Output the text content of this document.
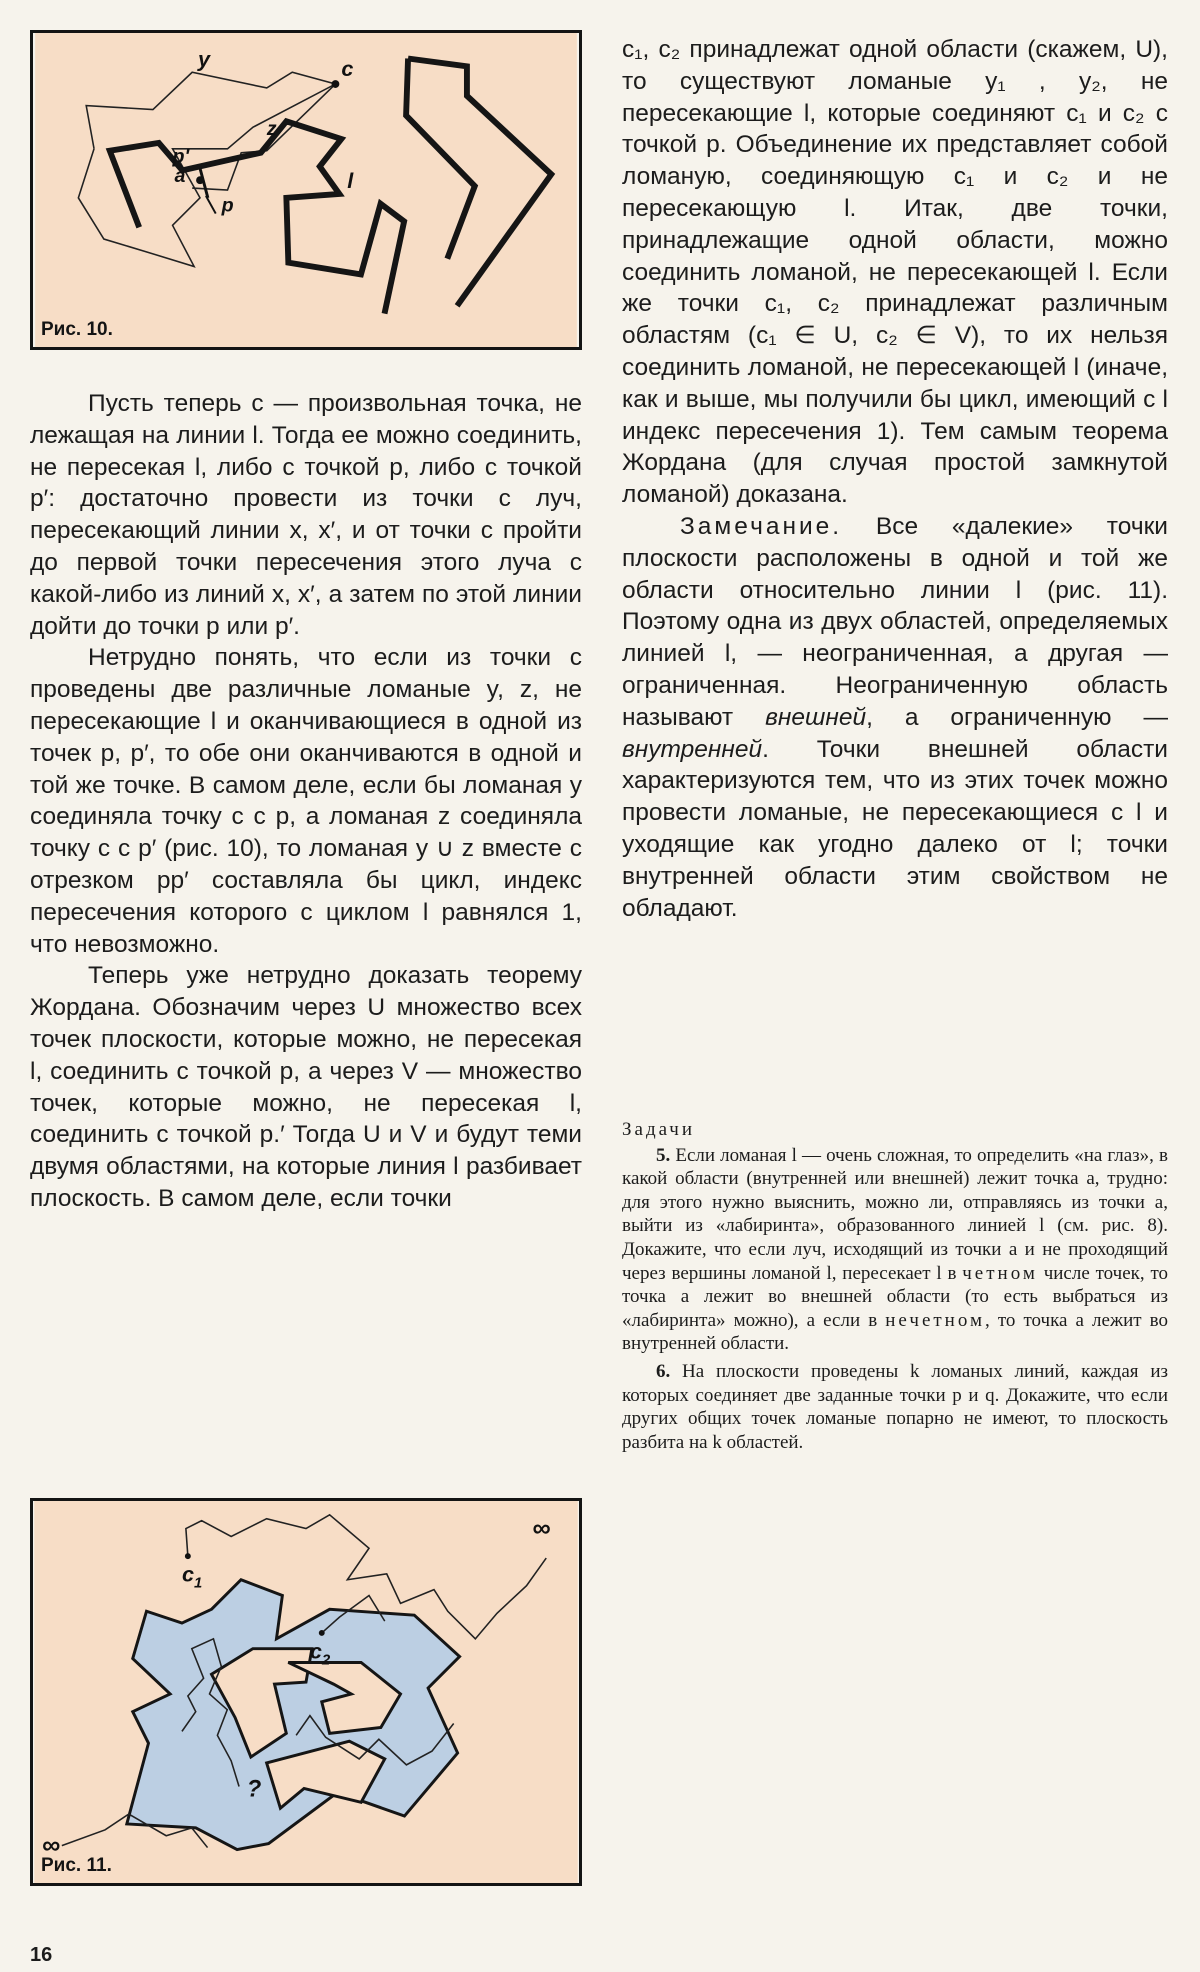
y	c
z
p'
a
p
l
Рис. 10.

Пусть теперь c — произвольная точка, не лежащая на линии l. Тогда ее можно соединить, не пересекая l, либо с точкой p, либо с точкой p′: достаточно провести из точки c луч, пересекающий линии x, x′, и от точки c пройти до первой точки пересечения этого луча с какой-либо из линий x, x′, а затем по этой линии дойти до точки p или p′.

Нетрудно понять, что если из точки c проведены две различные ломаные y, z, не пересекающие l и оканчивающиеся в одной из точек p, p′, то обе они оканчиваются в одной и той же точке. В самом деле, если бы ломаная y соединяла точку c с p, а ломаная z соединяла точку c с p′ (рис. 10), то ломаная y ∪ z вместе с отрезком pp′ составляла бы цикл, индекс пересечения которого с циклом l равнялся 1, что невозможно.

Теперь уже нетрудно доказать теорему Жордана. Обозначим через U множество всех точек плоскости, которые можно, не пересекая l, соединить с точкой p, а через V — множество точек, которые можно, не пересекая l, соединить с точкой p.′ Тогда U и V и будут теми двумя областями, на которые линия l разбивает плоскость. В самом деле, если точки

c₁, c₂ принадлежат одной области (скажем, U), то существуют ломаные y₁ , y₂, не пересекающие l, которые соединяют c₁ и c₂ с точкой p. Объединение их представляет собой ломаную, соединяющую c₁ и c₂ и не пересекающую l. Итак, две точки, принадлежащие одной области, можно соединить ломаной, не пересекающей l. Если же точки c₁, c₂ принадлежат различным областям (c₁ ∈ U, c₂ ∈ V), то их нельзя соединить ломаной, не пересекающей l (иначе, как и выше, мы получили бы цикл, имеющий с l индекс пересечения 1). Тем самым теорема Жордана (для случая простой замкнутой ломаной) доказана.

Замечание. Все «далекие» точки плоскости расположены в одной и той же области относительно линии l (рис. 11). Поэтому одна из двух областей, определяемых линией l, — неограниченная, а другая — ограниченная. Неограниченную область называют внешней, а ограниченную — внутренней. Точки внешней области характеризуются тем, что из этих точек можно провести ломаные, не пересекающиеся с l и уходящие как угодно далеко от l; точки внутренней области этим свойством не обладают.

Задачи

5. Если ломаная l — очень сложная, то определить «на глаз», в какой области (внутренней или внешней) лежит точка a, трудно: для этого нужно выяснить, можно ли, отправляясь из точки a, выйти из «лабиринта», образованного линией l (см. рис. 8). Докажите, что если луч, исходящий из точки a и не проходящий через вершины ломаной l, пересекает l в четном числе точек, то точка a лежит во внешней области (то есть выбраться из «лабиринта» можно), а если в нечетном, то точка a лежит во внутренней области.

6. На плоскости проведены k ломаных линий, каждая из которых соединяет две заданные точки p и q. Докажите, что если других общих точек ломаные попарно не имеют, то плоскость разбита на k областей.

$c_1$
$c_2$
∞
∞
?
Рис. 11.
16
